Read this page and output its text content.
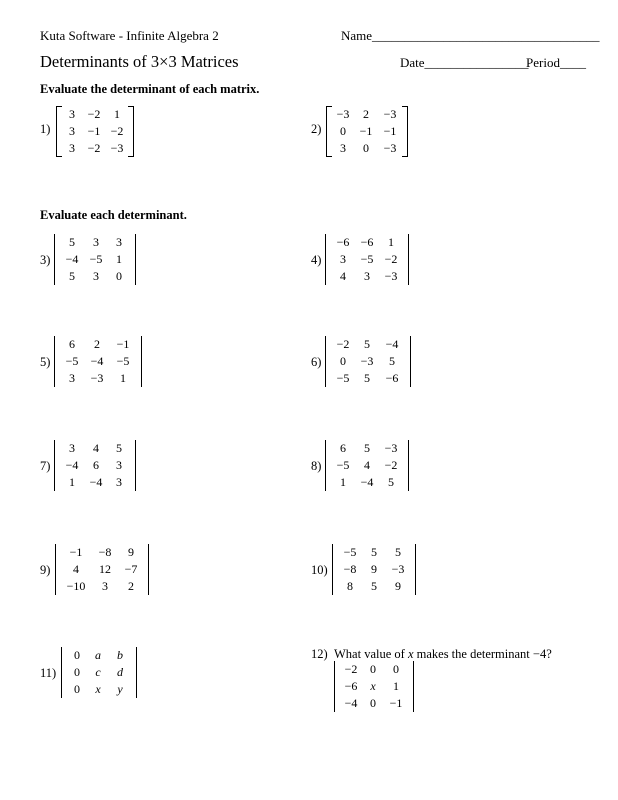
Kuta Software - Infinite Algebra 2	Name___________________________________
Determinants of 3×3 Matrices	Date________________
Period____
Evaluate the determinant of each matrix.
1)
3	−2	1
3	−1 −2
3	−2 −3
2)
−3	2	−3
0	−1 −1
3	0	−3
Evaluate each determinant.
3)
5	3	3
−4 −5	1
5	3	0
4)
−6 −6	1
3	−5 −2
4	3	−3
5)
6	2	−1
−5	−4	−5
3	−3	1
6)
−2	5	−4
0	−3	5
−5	5	−6
7)
3	4	5
−4	6	3
1	−4	3
8)
6	5	−3
−5	4	−2
1	−4	5
9)
−1	−8	9
4	12	−7
−10	3	2
10)
−5	5	5
−8	9	−3
8	5	9
11)
0	a	b
0	c	d
0	x	y
12) What value of x makes the determinant −4?
−2	0	0
−6	x	1
−4	0	−1
